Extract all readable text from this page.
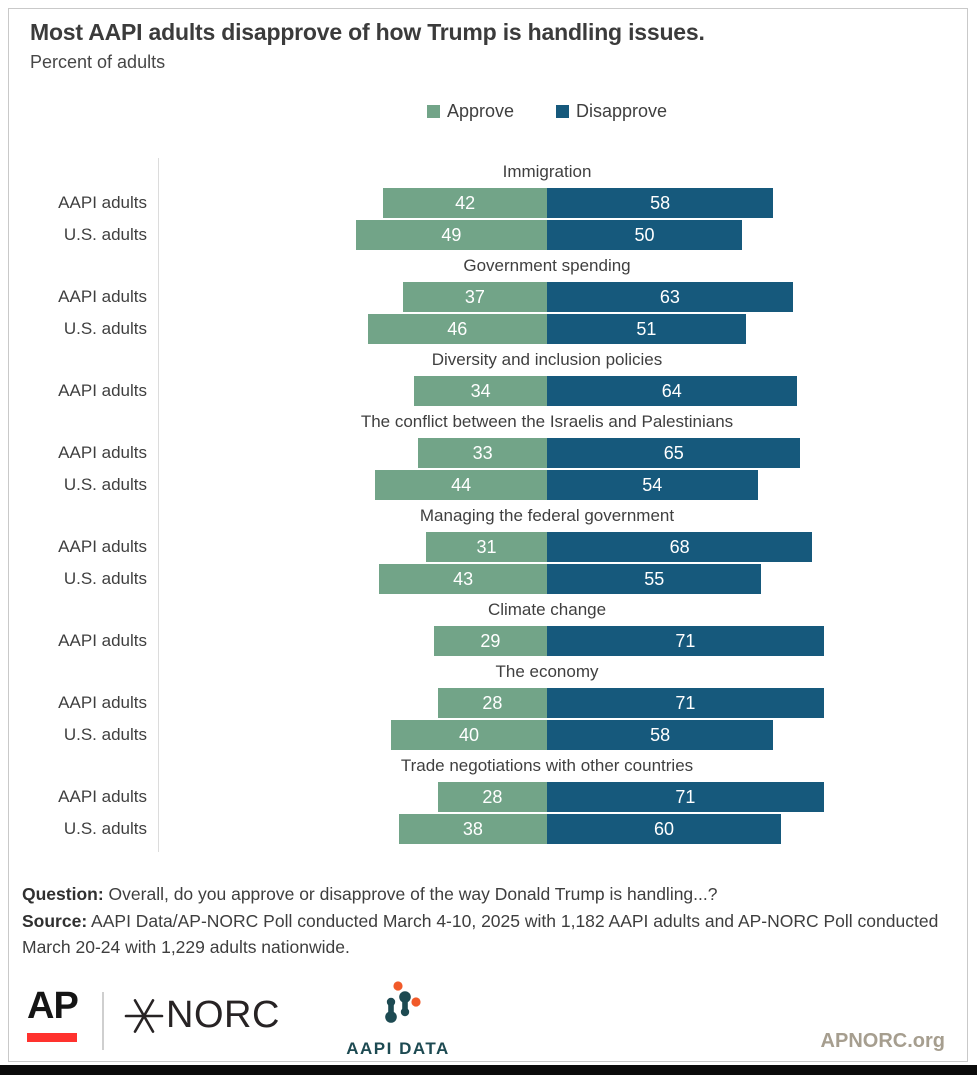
Most AAPI adults disapprove of how Trump is handling issues.
Percent of adults
Approve	Disapprove
Immigration
AAPI adults	42	58
U.S. adults	49	50
Government spending
AAPI adults	37	63
U.S. adults	46	51
Diversity and inclusion policies
AAPI adults	34	64
The conflict between the Israelis and Palestinians
AAPI adults	33	65
U.S. adults	44	54
Managing the federal government
AAPI adults	31	68
U.S. adults	43	55
Climate change
AAPI adults	29	71
The economy
AAPI adults	28	71
U.S. adults	40	58
Trade negotiations with other countries
AAPI adults	28	71
U.S. adults	38	60

Question: Overall, do you approve or disapprove of the way Donald Trump is handling...?

Source: AAPI Data/AP-NORC Poll conducted March 4-10, 2025 with 1,182 AAPI adults and AP-NORC Poll conducted March 20-24 with 1,229 adults nationwide.

AP NORC
AAPI DATA	APNORC.org
